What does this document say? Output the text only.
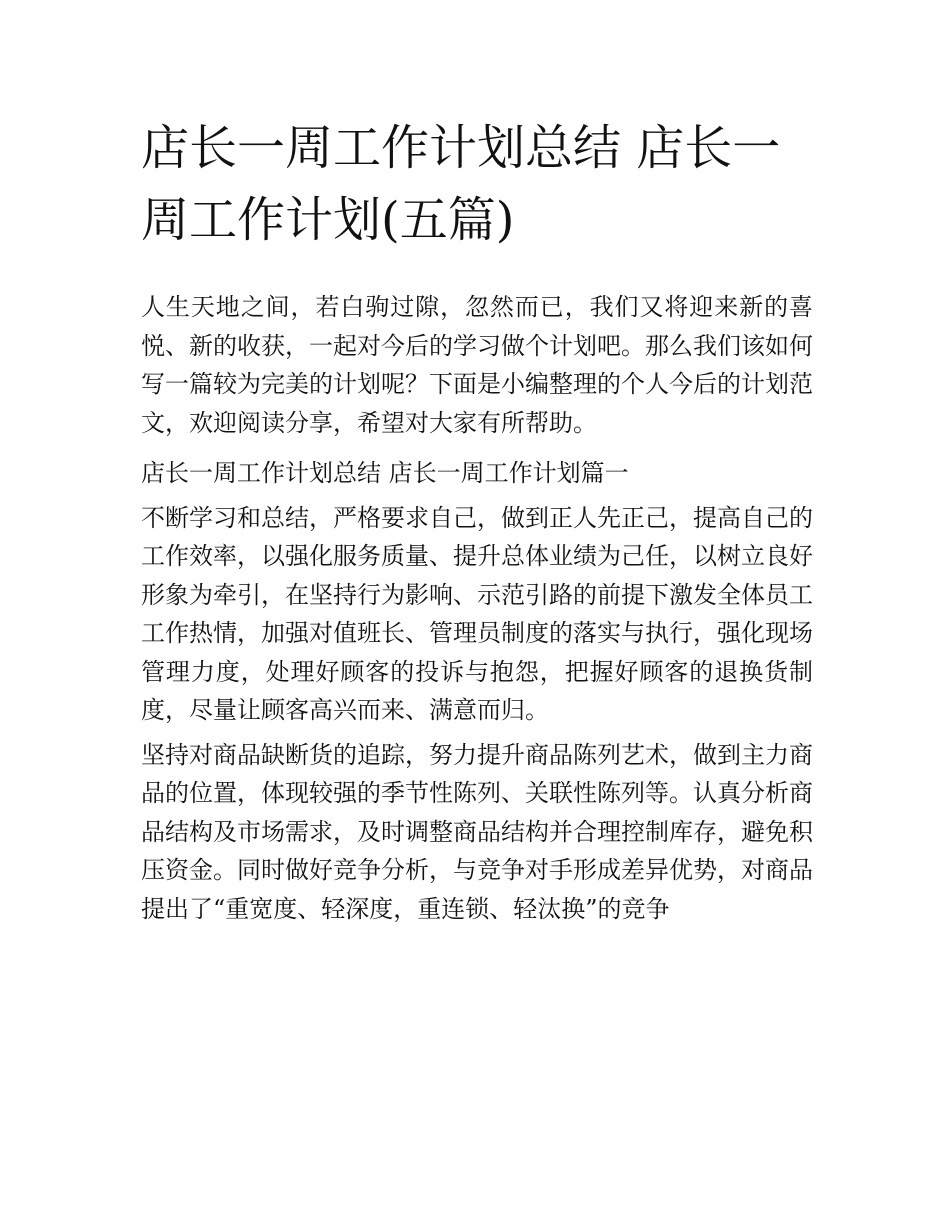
店长一周工作计划总结 店长一周工作计划(五篇)

人生天地之间，若白驹过隙，忽然而已，我们又将迎来新的喜悦、新的收获，一起对今后的学习做个计划吧。那么我们该如何写一篇较为完美的计划呢？下面是小编整理的个人今后的计划范文，欢迎阅读分享，希望对大家有所帮助。

店长一周工作计划总结 店长一周工作计划篇一

不断学习和总结，严格要求自己，做到正人先正己，提高自己的工作效率，以强化服务质量、提升总体业绩为己任，以树立良好形象为牵引，在坚持行为影响、示范引路的前提下激发全体员工工作热情，加强对值班长、管理员制度的落实与执行，强化现场管理力度，处理好顾客的投诉与抱怨，把握好顾客的退换货制度，尽量让顾客高兴而来、满意而归。

坚持对商品缺断货的追踪，努力提升商品陈列艺术，做到主力商品的位置，体现较强的季节性陈列、关联性陈列等。认真分析商品结构及市场需求，及时调整商品结构并合理控制库存，避免积压资金。同时做好竞争分析，与竞争对手形成差异优势，对商品提出了“重宽度、轻深度，重连锁、轻汰换”的竞争
